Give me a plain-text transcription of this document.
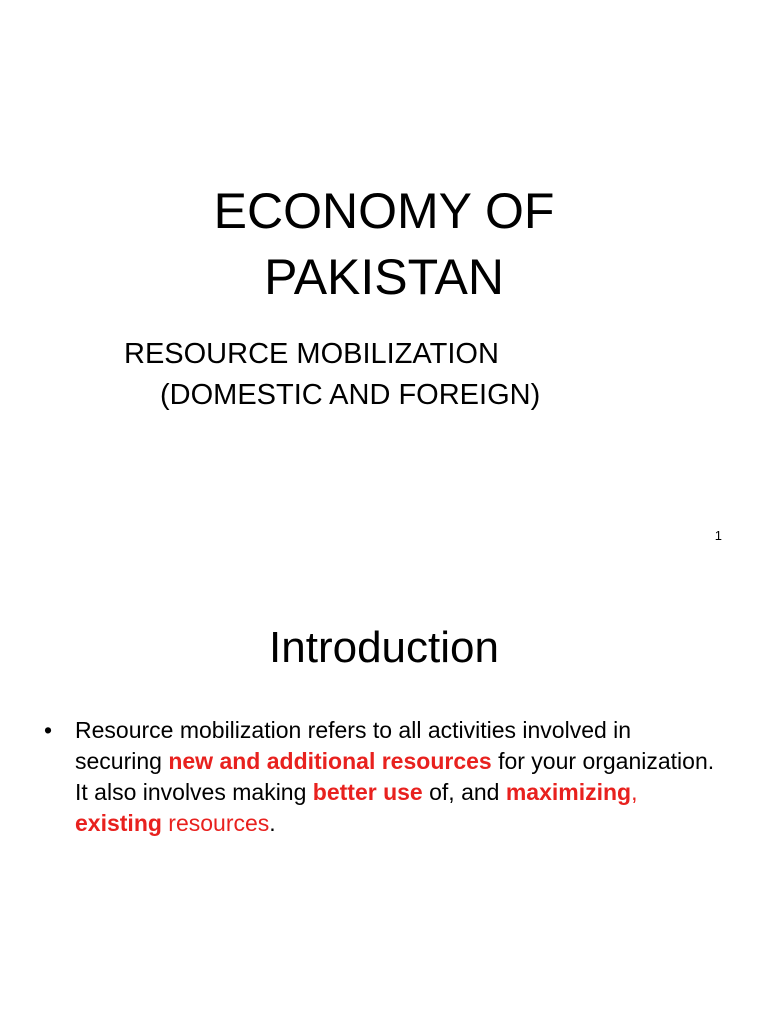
ECONOMY OF
PAKISTAN
RESOURCE MOBILIZATION
(DOMESTIC AND FOREIGN)
1
Introduction
• Resource mobilization refers to all activities involved in securing new and additional resources for your organization. It also involves making better use of, and maximizing, existing resources.
